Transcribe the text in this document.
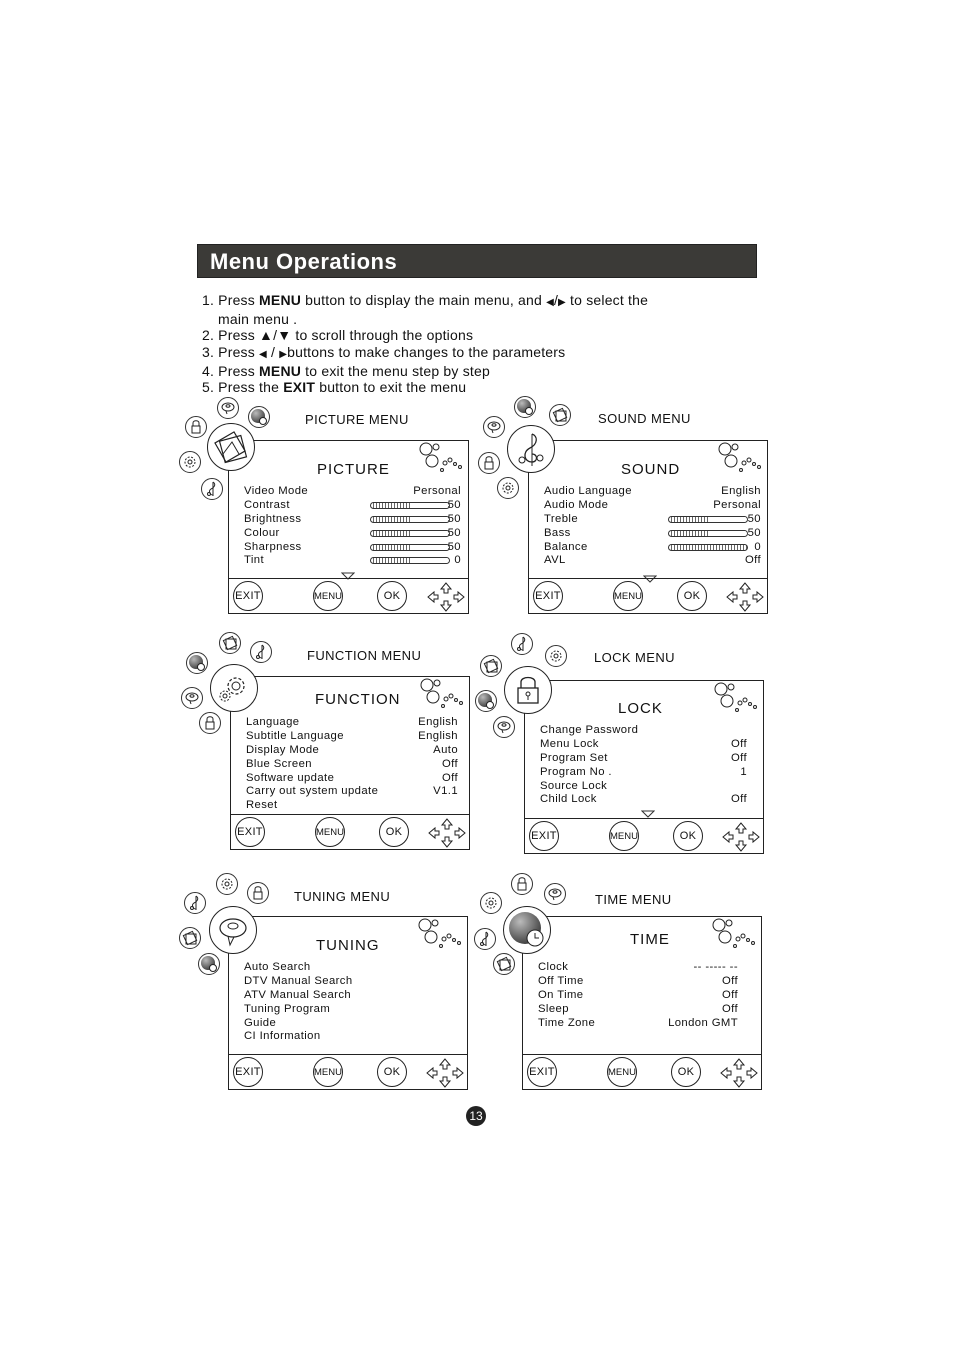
Menu Operations
1. Press MENU button to display the main menu, and ◀/▶ to select the
main menu .
2. Press ▲/▼ to scroll through the options
3. Press ◀ / ▶buttons to make changes to the parameters
4. Press MENU to exit the menu step by step
5. Press the EXIT button to exit the menu
PICTURE MENU
PICTURE
Video Mode	Personal
Contrast	50
Brightness	50
Colour	50
Sharpness	50
Tint	0
EXIT	MENU	OK
SOUND MENU
SOUND
Audio Language	English
Audio Mode	Personal
Treble	50
Bass	50
Balance	0
AVL	Off
EXIT	MENU	OK
FUNCTION MENU
FUNCTION
Language	English
Subtitle Language	English
Display Mode	Auto
Blue Screen	Off
Software update	Off
Carry out system update	V1.1
Reset
EXIT	MENU	OK
LOCK MENU
LOCK
Change Password
Menu Lock	Off
Program Set	Off
Program No .	1
Source Lock
Child Lock	Off
EXIT	MENU	OK
TUNING MENU
TUNING
Auto Search
DTV Manual Search
ATV Manual Search
Tuning Program
Guide
CI Information
EXIT	MENU	OK
TIME MENU
TIME
Clock	-- ----- --
Off Time	Off
On Time	Off
Sleep	Off
Time Zone	London GMT
EXIT	MENU	OK
13
